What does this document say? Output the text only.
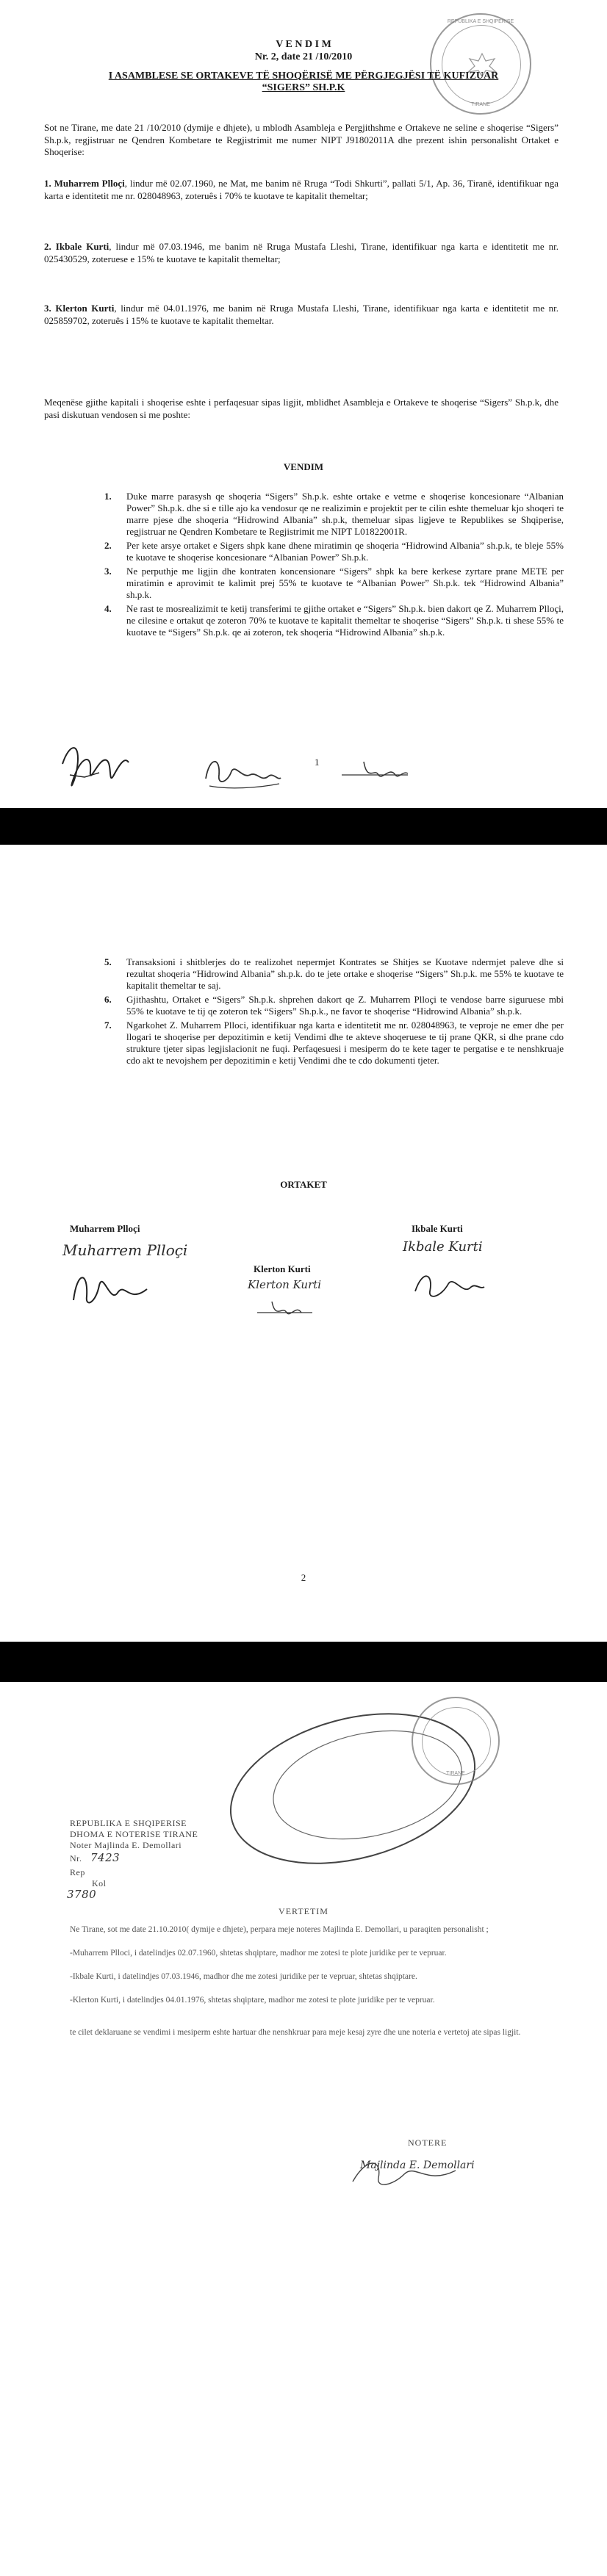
REPUBLIKA E SHQIPERISE
TIRANE
V E N D I M
Nr. 2, date 21 /10/2010
I ASAMBLESE SE ORTAKEVE TË SHOQËRISË ME PËRGJEGJËSI TË KUFIZUAR
“SIGERS” SH.P.K

Sot ne Tirane, me date 21 /10/2010 (dymije e dhjete), u mblodh Asambleja e Pergjithshme e Ortakeve ne seline e shoqerise “Sigers” Sh.p.k, regjistruar ne Qendren Kombetare te Regjistrimit me numer NIPT J91802011A dhe prezent ishin personalisht Ortaket e Shoqerise:

1. Muharrem Plloçi, lindur më 02.07.1960, ne Mat, me banim në Rruga “Todi Shkurti”, pallati 5/1, Ap. 36, Tiranë, identifikuar nga karta e identitetit me nr. 028048963, zoteruês i 70% te kuotave te kapitalit themeltar;

2. Ikbale Kurti, lindur më 07.03.1946, me banim në Rruga Mustafa Lleshi, Tirane, identifikuar nga karta e identitetit me nr. 025430529, zoteruese e 15% te kuotave te kapitalit themeltar;

3. Klerton Kurti, lindur më 04.01.1976, me banim në Rruga Mustafa Lleshi, Tirane, identifikuar nga karta e identitetit me nr. 025859702, zoteruês i 15% te kuotave te kapitalit themeltar.

Meqenëse gjithe kapitali i shoqerise eshte i perfaqesuar sipas ligjit, mblidhet Asambleja e Ortakeve te shoqerise “Sigers” Sh.p.k, dhe pasi diskutuan vendosen si me poshte:

VENDIM
1. Duke marre parasysh qe shoqeria “Sigers” Sh.p.k. eshte ortake e vetme e shoqerise koncesionare “Albanian Power” Sh.p.k. dhe si e tille ajo ka vendosur qe ne realizimin e projektit per te cilin eshte themeluar kjo shoqeri te marre pjese dhe shoqeria “Hidrowind Albania” sh.p.k, themeluar sipas ligjeve te Republikes se Shqiperise, regjistruar ne Qendren Kombetare te Regjistrimit me NIPT L01822001R.
2. Per kete arsye ortaket e Sigers shpk kane dhene miratimin qe shoqeria “Hidrowind Albania” sh.p.k, te bleje 55% te kuotave te shoqerise koncesionare “Albanian Power” Sh.p.k.
3. Ne perputhje me ligjin dhe kontraten koncensionare “Sigers” shpk ka bere kerkese zyrtare prane METE per miratimin e aprovimit te kalimit prej 55% te kuotave te “Albanian Power” Sh.p.k. tek “Hidrowind Albania” sh.p.k.
4. Ne rast te mosrealizimit te ketij transferimi te gjithe ortaket e “Sigers” Sh.p.k. bien dakort qe Z. Muharrem Plloçi, ne cilesine e ortakut qe zoteron 70% te kuotave te kapitalit themeltar te shoqerise “Sigers” Sh.p.k. ti shese 55% te kuotave te “Sigers” Sh.p.k. qe ai zoteron, tek shoqeria “Hidrowind Albania” sh.p.k.
1
5. Transaksioni i shitblerjes do te realizohet nepermjet Kontrates se Shitjes se Kuotave ndermjet paleve dhe si rezultat shoqeria “Hidrowind Albania” sh.p.k. do te jete ortake e shoqerise “Sigers” Sh.p.k. me 55% te kuotave te kapitalit themeltar te saj.
6. Gjithashtu, Ortaket e “Sigers” Sh.p.k. shprehen dakort qe Z. Muharrem Plloçi te vendose barre siguruese mbi 55% te kuotave te tij qe zoteron tek “Sigers” Sh.p.k., ne favor te shoqerise “Hidrowind Albania” sh.p.k.
7. Ngarkohet Z. Muharrem Plloci, identifikuar nga karta e identitetit me nr. 028048963, te veproje ne emer dhe per llogari te shoqerise per depozitimin e ketij Vendimi dhe te akteve shoqeruese te tij prane QKR, si dhe prane cdo strukture tjeter sipas legjislacionit ne fuqi. Perfaqesuesi i mesiperm do te kete tager te pergatise e te nenshkruaje cdo akt te nevojshem per depozitimin e ketij Vendimi dhe te cdo dokumenti tjeter.
ORTAKET
Muharrem Plloçi
Muharrem Plloçi
Ikbale Kurti
Ikbale Kurti
Klerton Kurti
Klerton Kurti
2
TIRANE
REPUBLIKA E SHQIPERISE
DHOMA E NOTERISE TIRANE
Noter Majlinda E. Demollari
Nr. 7423
Rep
Kol
3780
VERTETIM

Ne Tirane, sot me date 21.10.2010( dymije e dhjete), perpara meje noteres Majlinda E. Demollari, u paraqiten personalisht ;

-Muharrem Plloci, i datelindjes 02.07.1960, shtetas shqiptare, madhor me zotesi te plote juridike per te vepruar.

-Ikbale Kurti, i datelindjes 07.03.1946, madhor dhe me zotesi juridike per te vepruar, shtetas shqiptare.

-Klerton Kurti, i datelindjes 04.01.1976, shtetas shqiptare, madhor me zotesi te plote juridike per te vepruar.

te cilet deklaruane se vendimi i mesiperm eshte hartuar dhe nenshkruar para meje kesaj zyre dhe une noteria e vertetoj ate sipas ligjit.

NOTERE
Majlinda E. Demollari
